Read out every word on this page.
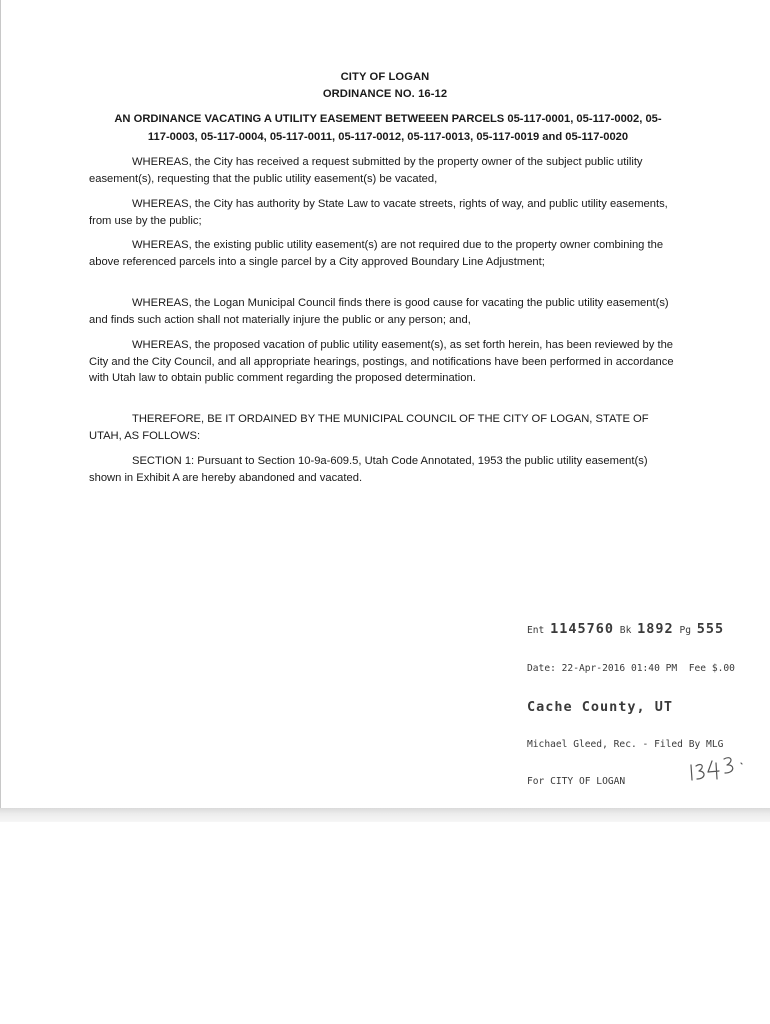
CITY OF LOGAN
ORDINANCE NO. 16-12
AN ORDINANCE VACATING A UTILITY EASEMENT BETWEEEN PARCELS 05-117-0001, 05-117-0002, 05-
117-0003, 05-117-0004, 05-117-0011, 05-117-0012, 05-117-0013, 05-117-0019 and 05-117-0020

WHEREAS, the City has received a request submitted by the property owner of the subject public utility easement(s), requesting that the public utility easement(s) be vacated,

WHEREAS, the City has authority by State Law to vacate streets, rights of way, and public utility easements, from use by the public;

WHEREAS, the existing public utility easement(s) are not required due to the property owner combining the above referenced parcels into a single parcel by a City approved Boundary Line Adjustment;

WHEREAS, the Logan Municipal Council finds there is good cause for vacating the public utility easement(s) and finds such action shall not materially injure the public or any person; and,

WHEREAS, the proposed vacation of public utility easement(s), as set forth herein, has been reviewed by the City and the City Council, and all appropriate hearings, postings, and notifications have been performed in accordance with Utah law to obtain public comment regarding the proposed determination.

THEREFORE, BE IT ORDAINED BY THE MUNICIPAL COUNCIL OF THE CITY OF LOGAN, STATE OF UTAH, AS FOLLOWS:

SECTION 1: Pursuant to Section 10-9a-609.5, Utah Code Annotated, 1953 the public utility easement(s) shown in Exhibit A are hereby abandoned and vacated.

Ent 1145760 Bk 1892 Pg 555

Date: 22-Apr-2016 01:40 PM  Fee $.00

Cache County, UT

Michael Gleed, Rec. - Filed By MLG

For CITY OF LOGAN
